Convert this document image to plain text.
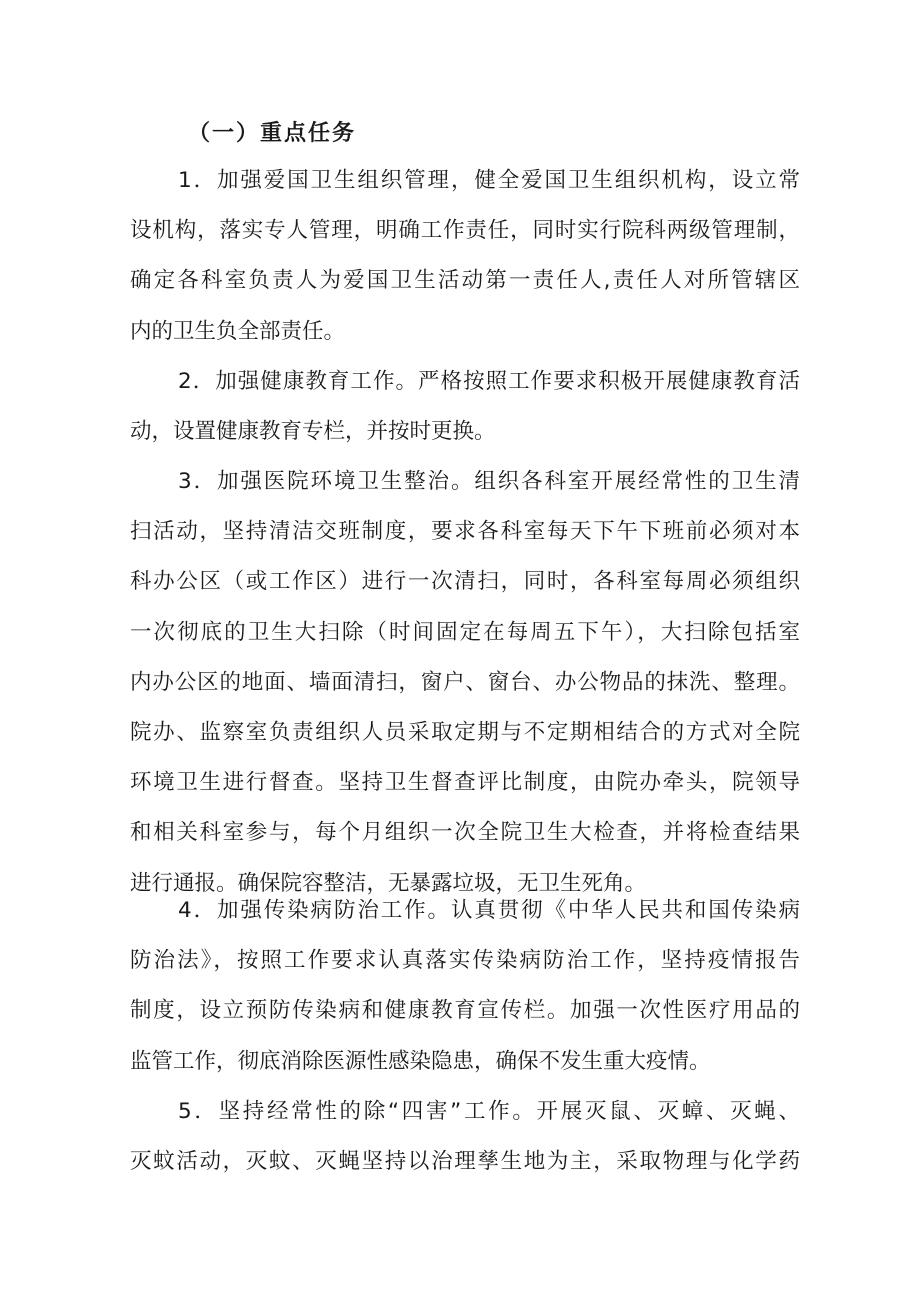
（一）重点任务
1．加强爱国卫生组织管理，健全爱国卫生组织机构，设立常
设机构，落实专人管理，明确工作责任，同时实行院科两级管理制，
确定各科室负责人为爱国卫生活动第一责任人,责任人对所管辖区
内的卫生负全部责任。
2．加强健康教育工作。严格按照工作要求积极开展健康教育活
动，设置健康教育专栏，并按时更换。
3．加强医院环境卫生整治。组织各科室开展经常性的卫生清
扫活动，坚持清洁交班制度，要求各科室每天下午下班前必须对本
科办公区（或工作区）进行一次清扫，同时，各科室每周必须组织
一次彻底的卫生大扫除（时间固定在每周五下午），大扫除包括室
内办公区的地面、墙面清扫，窗户、窗台、办公物品的抹洗、整理。
院办、监察室负责组织人员采取定期与不定期相结合的方式对全院
环境卫生进行督查。坚持卫生督查评比制度，由院办牵头，院领导
和相关科室参与，每个月组织一次全院卫生大检查，并将检查结果
进行通报。确保院容整洁，无暴露垃圾，无卫生死角。
4．加强传染病防治工作。认真贯彻《中华人民共和国传染病
防治法》，按照工作要求认真落实传染病防治工作，坚持疫情报告
制度，设立预防传染病和健康教育宣传栏。加强一次性医疗用品的
监管工作，彻底消除医源性感染隐患，确保不发生重大疫情。
5．坚持经常性的除“四害”工作。开展灭鼠、灭蟑、灭蝇、
灭蚊活动，灭蚊、灭蝇坚持以治理孳生地为主，采取物理与化学药
